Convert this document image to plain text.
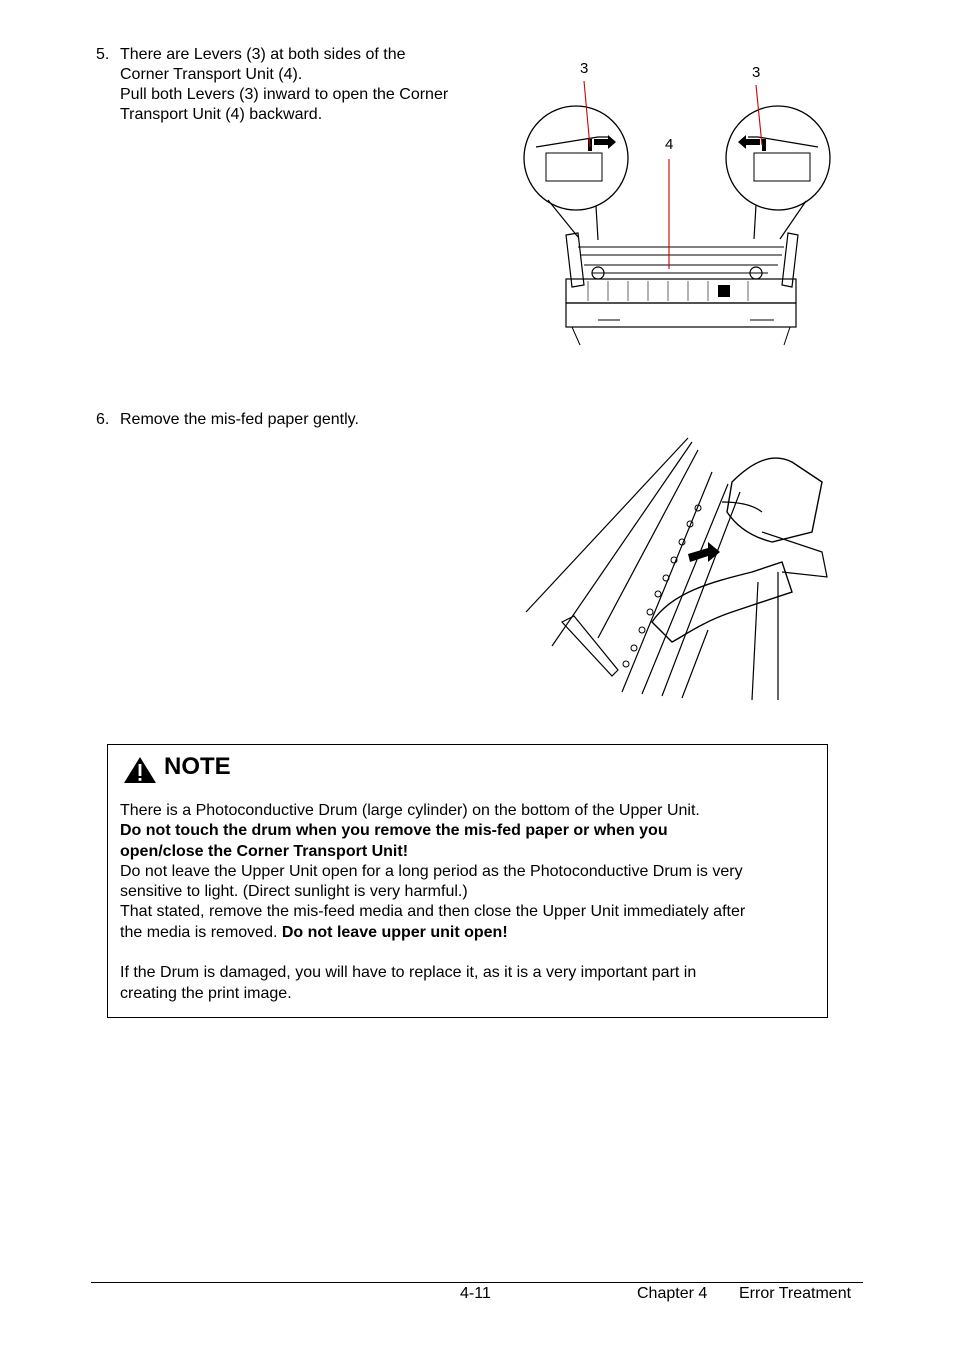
5. There are Levers (3) at both sides of the
Corner Transport Unit (4).
Pull both Levers (3) inward to open the Corner
Transport Unit (4) backward.
3	3
4
6. Remove the mis-fed paper gently.
NOTE

There is a Photoconductive Drum (large cylinder) on the bottom of the Upper Unit.

Do not touch the drum when you remove the mis-fed paper or when you

open/close the Corner Transport Unit!

Do not leave the Upper Unit open for a long period as the Photoconductive Drum is very

sensitive to light. (Direct sunlight is very harmful.)

That stated, remove the mis-feed media and then close the Upper Unit immediately after

the media is removed. Do not leave upper unit open!

If the Drum is damaged, you will have to replace it, as it is a very important part in

creating the print image.

4-11	Chapter 4 Error Treatment
